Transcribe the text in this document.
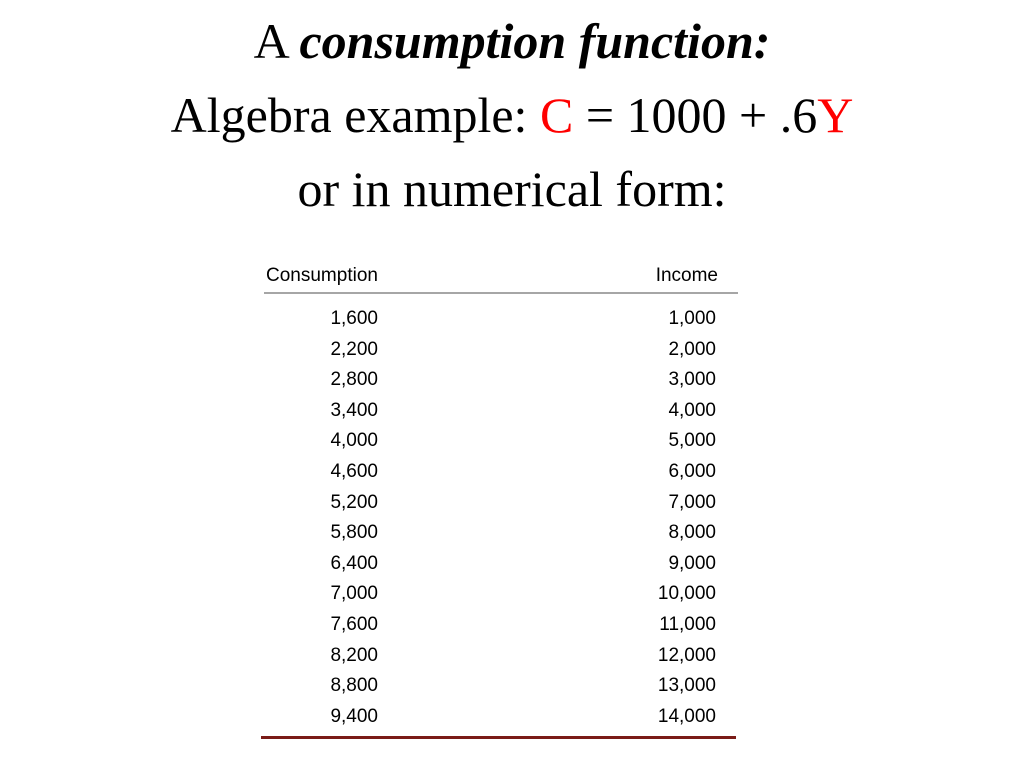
A consumption function:
Algebra example: C = 1000 + .6Y
or in numerical form:
Consumption	Income
1,600	1,000
2,200	2,000
2,800	3,000
3,400	4,000
4,000	5,000
4,600	6,000
5,200	7,000
5,800	8,000
6,400	9,000
7,000	10,000
7,600	11,000
8,200	12,000
8,800	13,000
9,400	14,000
